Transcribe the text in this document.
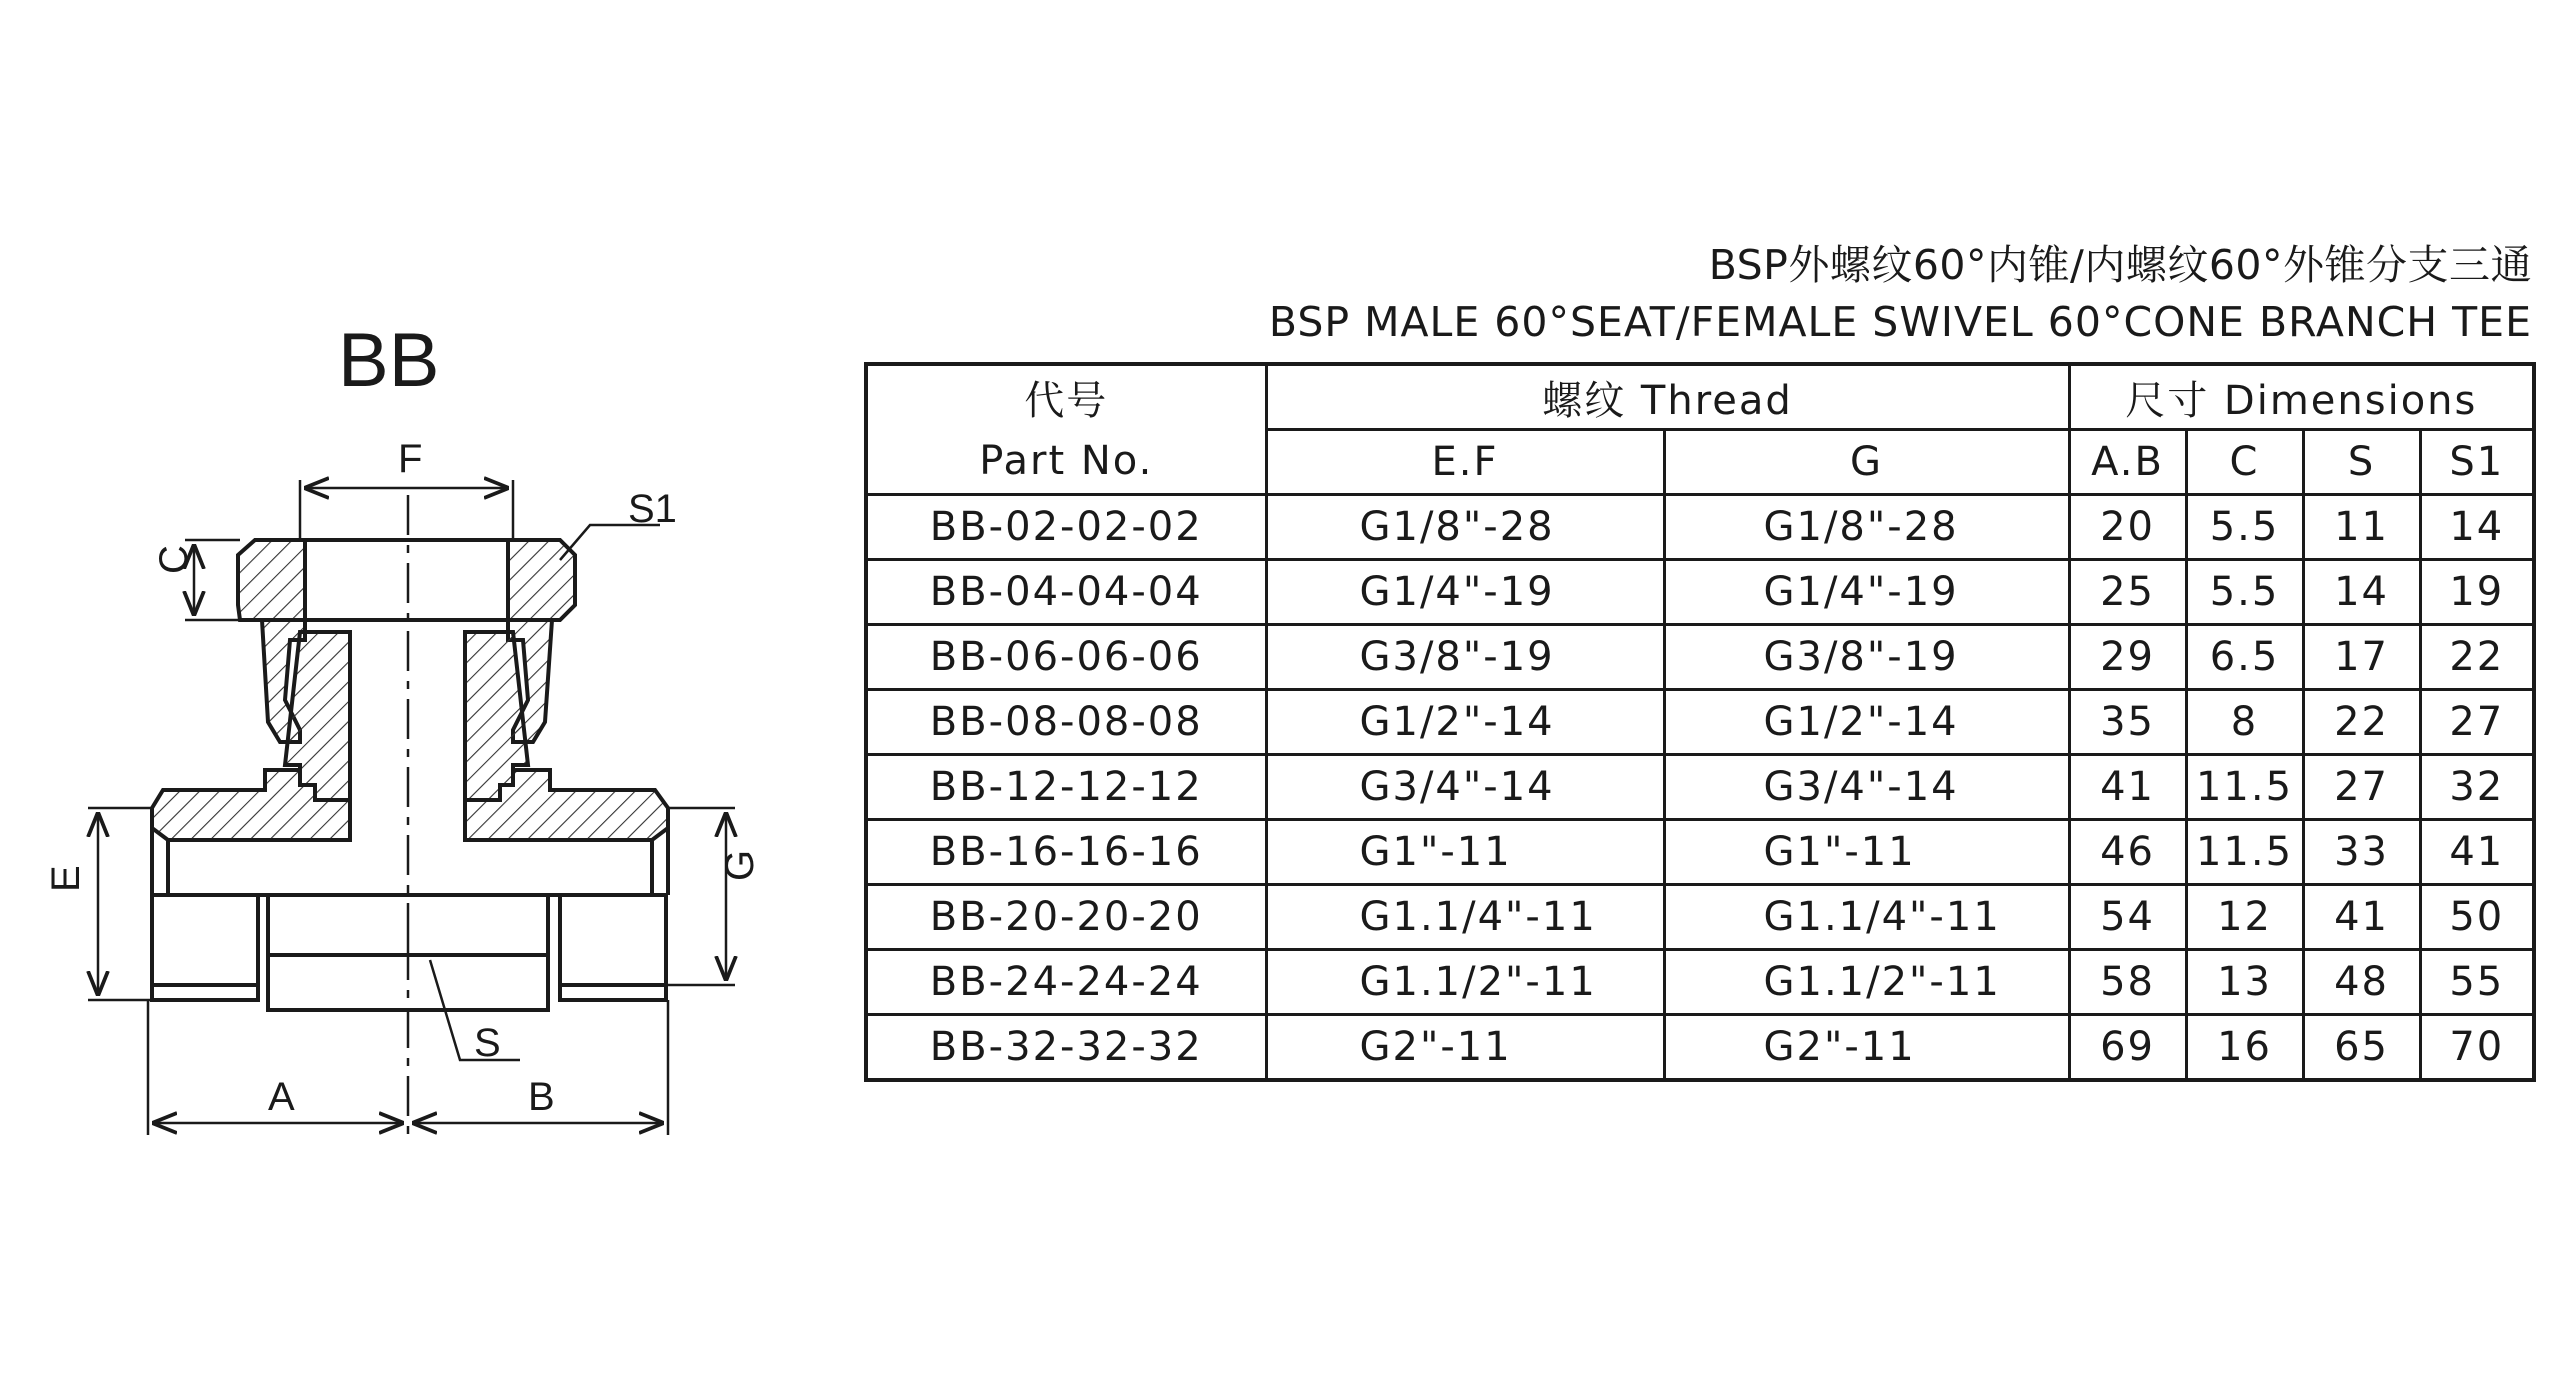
BB
F
S1
C
E	G
S
A	B
BSP外螺纹60°内锥/内螺纹60°外锥分支三通
BSP MALE 60°SEAT/FEMALE SWIVEL 60°CONE BRANCH TEE
代号	螺纹 Thread		尺寸 Dimensions			
Part No.	E.F	G	A.B	C	S	S1
BB-02-02-02	G1/8"-28	G1/8"-28	20	5.5	11	14
BB-04-04-04	G1/4"-19	G1/4"-19	25	5.5	14	19
BB-06-06-06	G3/8"-19	G3/8"-19	29	6.5	17	22
BB-08-08-08	G1/2"-14	G1/2"-14	35	8	22	27
BB-12-12-12	G3/4"-14	G3/4"-14	41	11.5	27	32
BB-16-16-16	G1"-11	G1"-11	46	11.5	33	41
BB-20-20-20	G1.1/4"-11	G1.1/4"-11	54	12	41	50
BB-24-24-24	G1.1/2"-11	G1.1/2"-11	58	13	48	55
BB-32-32-32	G2"-11	G2"-11	69	16	65	70
